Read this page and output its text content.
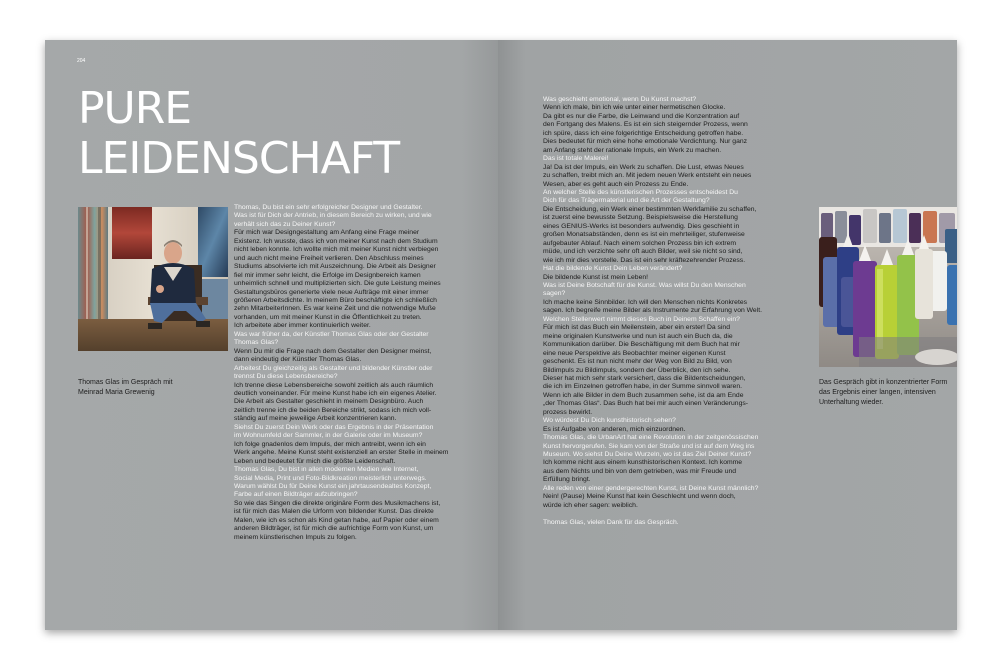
204
PURE
LEIDENSCHAFT
Thomas Glas im Gespräch mit
Meinrad Maria Grewenig

Thomas, Du bist ein sehr erfolgreicher Designer und Gestalter.

Was ist für Dich der Antrieb, in diesem Bereich zu wirken, und wie

verhält sich das zu Deiner Kunst?

Für mich war Designgestaltung am Anfang eine Frage meiner

Existenz. Ich wusste, dass ich von meiner Kunst nach dem Studium

nicht leben konnte. Ich wollte mich mit meiner Kunst nicht verbiegen

und auch nicht meine Freiheit verlieren. Den Abschluss meines

Studiums absolvierte ich mit Auszeichnung. Die Arbeit als Designer

fiel mir immer sehr leicht, die Erfolge im Designbereich kamen

unheimlich schnell und multiplizierten sich. Die gute Leistung meines

Gestaltungsbüros generierte viele neue Aufträge mit einer immer

größeren Arbeitsdichte. In meinem Büro beschäftigte ich schließlich

zehn MitarbeiterInnen. Es war keine Zeit und die notwendige Muße

vorhanden, um mit meiner Kunst in die Öffentlichkeit zu treten.

Ich arbeitete aber immer kontinuierlich weiter.

Was war früher da, der Künstler Thomas Glas oder der Gestalter

Thomas Glas?

Wenn Du mir die Frage nach dem Gestalter den Designer meinst,

dann eindeutig der Künstler Thomas Glas.

Arbeitest Du gleichzeitig als Gestalter und bildender Künstler oder

trennst Du diese Lebensbereiche?

Ich trenne diese Lebensbereiche sowohl zeitlich als auch räumlich

deutlich voneinander. Für meine Kunst habe ich ein eigenes Atelier.

Die Arbeit als Gestalter geschieht in meinem Designbüro. Auch

zeitlich trenne ich die beiden Bereiche strikt, sodass ich mich voll-

ständig auf meine jeweilige Arbeit konzentrieren kann.

Siehst Du zuerst Dein Werk oder das Ergebnis in der Präsentation

im Wohnumfeld der Sammler, in der Galerie oder im Museum?

Ich folge gnadenlos dem Impuls, der mich antreibt, wenn ich ein

Werk angehe. Meine Kunst steht existenziell an erster Stelle in meinem

Leben und bedeutet für mich die größte Leidenschaft.

Thomas Glas, Du bist in allen modernen Medien wie Internet,

Social Media, Print und Foto-Bildkreation meisterlich unterwegs.

Warum wählst Du für Deine Kunst ein jahrtausendealtes Konzept,

Farbe auf einen Bildträger aufzubringen?

So wie das Singen die direkte originäre Form des Musikmachens ist,

ist für mich das Malen die Urform von bildender Kunst. Das direkte

Malen, wie ich es schon als Kind getan habe, auf Papier oder einem

anderen Bildträger, ist für mich die aufrichtige Form von Kunst, um

meinem künstlerischen Impuls zu folgen.

Was geschieht emotional, wenn Du Kunst machst?

Wenn ich male, bin ich wie unter einer hermetischen Glocke.

Da gibt es nur die Farbe, die Leinwand und die Konzentration auf

den Fortgang des Malens. Es ist ein sich steigernder Prozess, wenn

ich spüre, dass ich eine folgerichtige Entscheidung getroffen habe.

Dies bedeutet für mich eine hohe emotionale Verdichtung. Nur ganz

am Anfang steht der rationale Impuls, ein Werk zu machen.

Das ist totale Malerei!

Ja! Da ist der Impuls, ein Werk zu schaffen. Die Lust, etwas Neues

zu schaffen, treibt mich an. Mit jedem neuen Werk entsteht ein neues

Wesen, aber es geht auch ein Prozess zu Ende.

An welcher Stelle des künstlerischen Prozesses entscheidest Du

Dich für das Trägermaterial und die Art der Gestaltung?

Die Entscheidung, ein Werk einer bestimmten Werkfamilie zu schaffen,

ist zuerst eine bewusste Setzung. Beispielsweise die Herstellung

eines GENIUS-Werks ist besonders aufwendig. Dies geschieht in

großen Monatsabständen, denn es ist ein mehrteiliger, stufenweise

aufgebauter Ablauf. Nach einem solchen Prozess bin ich extrem

müde, und ich verzichte sehr oft auch Bilder, weil sie nicht so sind,

wie ich mir dies vorstelle. Das ist ein sehr kräftezehrender Prozess.

Hat die bildende Kunst Dein Leben verändert?

Die bildende Kunst ist mein Leben!

Was ist Deine Botschaft für die Kunst. Was willst Du den Menschen

sagen?

Ich mache keine Sinnbilder. Ich will den Menschen nichts Konkretes

sagen. Ich begreife meine Bilder als Instrumente zur Erfahrung von Welt.

Welchen Stellenwert nimmt dieses Buch in Deinem Schaffen ein?

Für mich ist das Buch ein Meilenstein, aber ein erster! Da sind

meine originalen Kunstwerke und nun ist auch ein Buch da, die

Kommunikation darüber. Die Beschäftigung mit dem Buch hat mir

eine neue Perspektive als Beobachter meiner eigenen Kunst

geschenkt. Es ist nun nicht mehr der Weg von Bild zu Bild, von

Bildimpuls zu Bildimpuls, sondern der Überblick, den ich sehe.

Dieser hat mich sehr stark versichert, dass die Bildentscheidungen,

die ich im Einzelnen getroffen habe, in der Summe sinnvoll waren.

Wenn ich alle Bilder in dem Buch zusammen sehe, ist da am Ende

„der Thomas Glas“. Das Buch hat bei mir auch einen Veränderungs-

prozess bewirkt.

Wo würdest Du Dich kunsthistorisch sehen?

Es ist Aufgabe von anderen, mich einzuordnen.

Thomas Glas, die UrbanArt hat eine Revolution in der zeitgenössischen

Kunst hervorgerufen. Sie kam von der Straße und ist auf dem Weg ins

Museum. Wo siehst Du Deine Wurzeln, wo ist das Ziel Deiner Kunst?

Ich komme nicht aus einem kunsthistorischen Kontext. Ich komme

aus dem Nichts und bin von dem getrieben, was mir Freude und

Erfüllung bringt.

Alle reden von einer gendergerechten Kunst, ist Deine Kunst männlich?

Nein! (Pause) Meine Kunst hat kein Geschlecht und wenn doch,

würde ich eher sagen: weiblich.

Thomas Glas, vielen Dank für das Gespräch.

Das Gespräch gibt in konzentrierter Form
das Ergebnis einer langen, intensiven
Unterhaltung wieder.
